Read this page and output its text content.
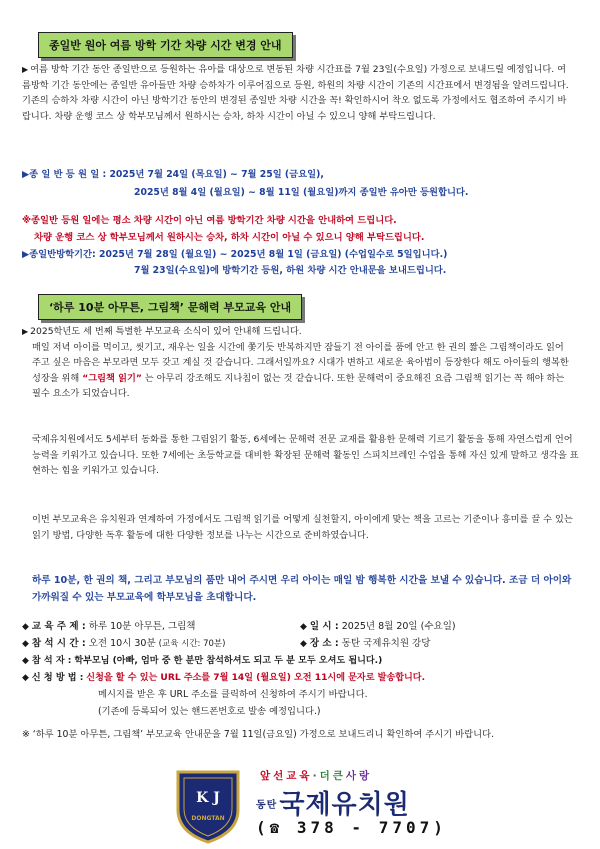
종일반 원아 여름 방학 기간 차량 시간 변경 안내

▶ 여름 방학 기간 동안 종일반으로 등원하는 유아를 대상으로 변동된 차량 시간표를 7월 23일(수요일) 가정으로 보내드릴 예정입니다. 여름방학 기간 동안에는 종일반 유아들만 차량 승하차가 이루어짐으로 등원, 하원의 차량 시간이 기존의 시간표에서 변경됨을 알려드립니다. 기존의 승하차 차량 시간이 아닌 방학기간 동안의 변경된 종일반 차량 시간을 꼭! 확인하시어 착오 없도록 가정에서도 협조하여 주시기 바랍니다. 차량 운행 코스 상 학부모님께서 원하시는 승차, 하차 시간이 아닐 수 있으니 양해 부탁드립니다.

▶종 일 반 등 원 일 : 2025년 7월 24일 (목요일) ~ 7월 25일 (금요일),
2025년 8월 4일 (월요일) ~ 8월 11일 (월요일)까지 종일반 유아만 등원합니다.
※종일반 등원 일에는 평소 차량 시간이 아닌 여름 방학기간 차량 시간을 안내하여 드립니다.
차량 운행 코스 상 학부모님께서 원하시는 승차, 하차 시간이 아닐 수 있으니 양해 부탁드립니다.
▶종일반방학기간: 2025년 7월 28일 (월요일) ~ 2025년 8월 1일 (금요일) (수업일수로 5일입니다.)
7월 23일(수요일)에 방학기간 등원, 하원 차량 시간 안내문을 보내드립니다.
‘하루 10분 아무튼, 그림책’ 문해력 부모교육 안내

▶ 2025학년도 세 번째 특별한 부모교육 소식이 있어 안내해 드립니다.

매일 저녁 아이를 먹이고, 씻기고, 재우는 일을 시간에 쫓기듯 반복하지만 잠들기 전 아이를 품에 안고 한 권의 짧은 그림책이라도 읽어주고 싶은 마음은 부모라면 모두 갖고 계실 것 같습니다. 그래서일까요? 시대가 변하고 새로운 육아법이 등장한다 해도 아이들의 행복한 성장을 위해 “그림책 읽기” 는 아무리 강조해도 지나침이 없는 것 같습니다. 또한 문해력이 중요해진 요즘 그림책 읽기는 꼭 해야 하는 필수 요소가 되었습니다.

국제유치원에서도 5세부터 동화를 통한 그림읽기 활동, 6세에는 문해력 전문 교재를 활용한 문해력 기르기 활동을 통해 자연스럽게 언어능력을 키워가고 있습니다. 또한 7세에는 초등학교를 대비한 확장된 문해력 활동인 스피치브레인 수업을 통해 자신 있게 말하고 생각을 표현하는 힘을 키워가고 있습니다.

이번 부모교육은 유치원과 연계하여 가정에서도 그림책 읽기를 어떻게 실천할지, 아이에게 맞는 책을 고르는 기준이나 흥미를 끌 수 있는 읽기 방법, 다양한 독후 활동에 대한 다양한 정보를 나누는 시간으로 준비하였습니다.

하루 10분, 한 권의 책, 그리고 부모님의 품만 내어 주시면 우리 아이는 매일 밤 행복한 시간을 보낼 수 있습니다. 조금 더 아이와 가까워질 수 있는 부모교육에 학부모님을 초대합니다.

◆ 교 육 주 제 : 하루 10분 아무튼, 그림책	◆ 일 시 : 2025년 8월 20일 (수요일)
◆ 참 석 시 간 : 오전 10시 30분 (교육 시간: 70분)	◆ 장 소 : 동탄 국제유치원 강당
◆ 참 석 자 : 학부모님 (아빠, 엄마 중 한 분만 참석하셔도 되고 두 분 모두 오셔도 됩니다.)
◆ 신 청 방 법 : 신청을 할 수 있는 URL 주소를 7월 14일 (월요일) 오전 11시에 문자로 발송합니다.
메시지를 받은 후 URL 주소를 클릭하여 신청하여 주시기 바랍니다.
(기존에 등록되어 있는 핸드폰번호로 발송 예정입니다.)

※ ‘하루 10분 아무튼, 그림책’ 부모교육 안내문을 7월 11일(금요일) 가정으로 보내드리니 확인하여 주시기 바랍니다.

K J
DONGTAN
앞선교육·더큰사랑
동탄국제유치원
(☎ 378 - 7707)
